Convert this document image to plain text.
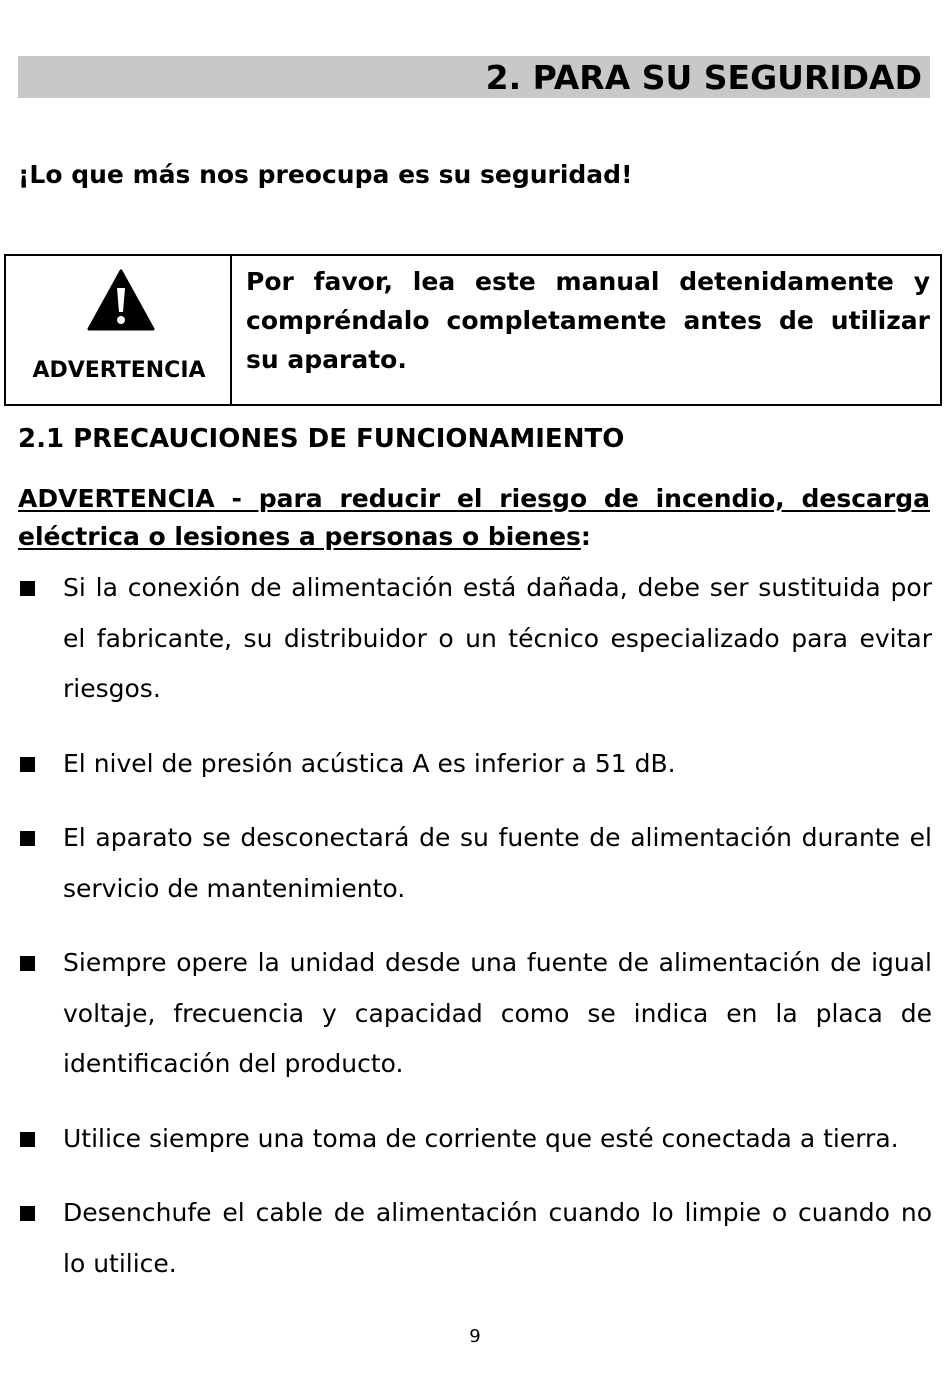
2. PARA SU SEGURIDAD
¡Lo que más nos preocupa es su seguridad!
ADVERTENCIA
Por favor, lea este manual detenidamente y compréndalo completamente antes de utilizar su aparato.
2.1 PRECAUCIONES DE FUNCIONAMIENTO
ADVERTENCIA - para reducir el riesgo de incendio, descarga eléctrica o lesiones a personas o bienes:
Si la conexión de alimentación está dañada, debe ser sustituida por el fabricante, su distribuidor o un técnico especializado para evitar riesgos.
El nivel de presión acústica A es inferior a 51 dB.
El aparato se desconectará de su fuente de alimentación durante el servicio de mantenimiento.
Siempre opere la unidad desde una fuente de alimentación de igual voltaje, frecuencia y capacidad como se indica en la placa de identificación del producto.
Utilice siempre una toma de corriente que esté conectada a tierra.
Desenchufe el cable de alimentación cuando lo limpie o cuando no lo utilice.
9
